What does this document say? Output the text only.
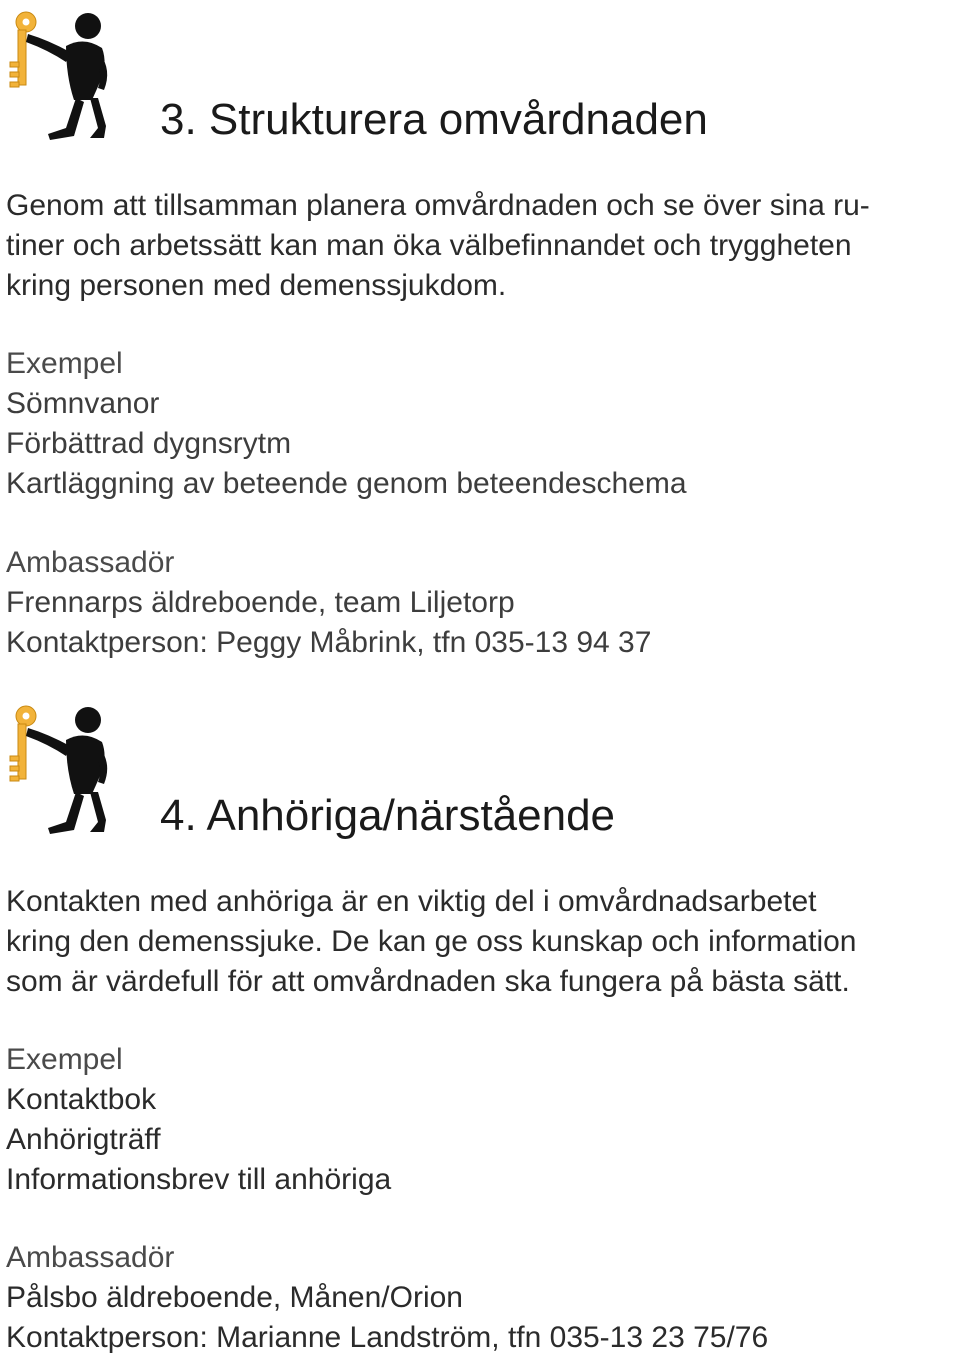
3. Strukturera omvårdnaden
Genom att tillsamman planera omvårdnaden och se över sina ru-
tiner och arbetssätt kan man öka välbefinnandet och tryggheten
kring personen med demenssjukdom.
Exempel
Sömnvanor
Förbättrad dygnsrytm
Kartläggning av beteende genom beteendeschema
Ambassadör
Frennarps äldreboende, team Liljetorp
Kontaktperson: Peggy Måbrink, tfn 035-13 94 37
4. Anhöriga/närstående
Kontakten med anhöriga är en viktig del i omvårdnadsarbetet
kring den demenssjuke. De kan ge oss kunskap och information
som är värdefull för att omvårdnaden ska fungera på bästa sätt.
Exempel
Kontaktbok
Anhörigträff
Informationsbrev till anhöriga
Ambassadör
Pålsbo äldreboende, Månen/Orion
Kontaktperson: Marianne Landström, tfn 035-13 23 75/76
